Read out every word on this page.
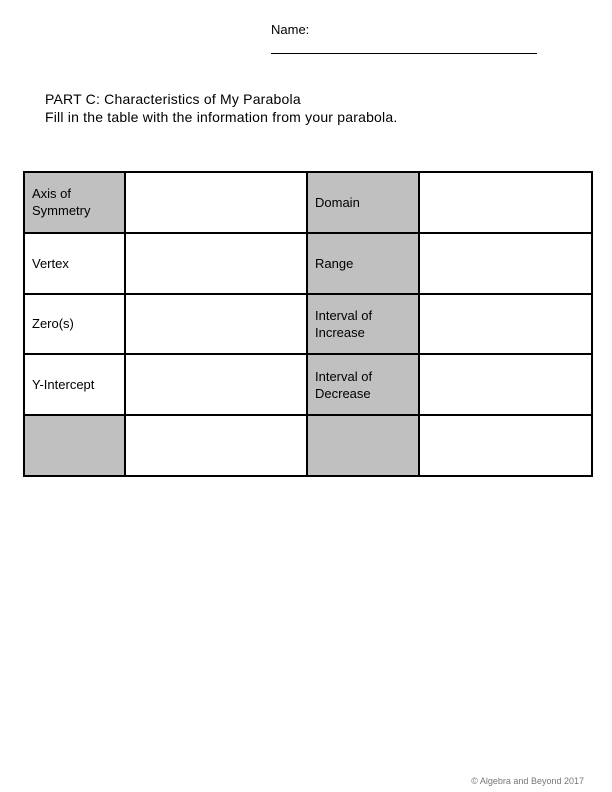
Name:
PART C: Characteristics of My Parabola
Fill in the table with the information from your parabola.
Axis of Symmetry		Domain	
Vertex		Range	
Zero(s)		Interval of Increase	
Y-Intercept		Interval of Decrease	

© Algebra and Beyond 2017
